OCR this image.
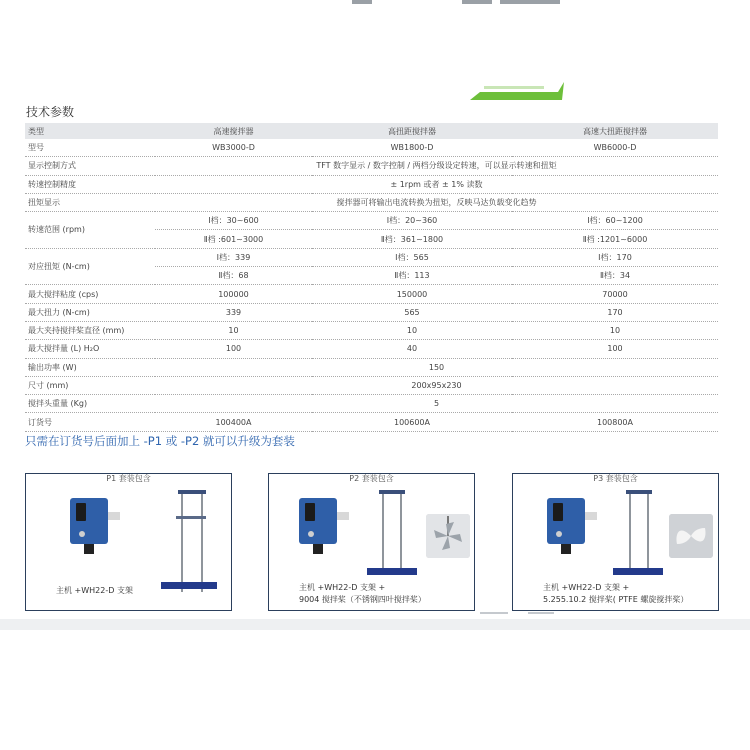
技术参数
类型	高速搅拌器	高扭距搅拌器	高速大扭距搅拌器
型号	WB3000-D	WB1800-D	WB6000-D
显示控制方式	TFT 数字显示 / 数字控制 / 两档分级设定转速，可以显示转速和扭矩		
转速控制精度	± 1rpm 或者 ± 1% 读数		
扭矩显示	搅拌器可将输出电流转换为扭矩，反映马达负载变化趋势		
转速范围 (rpm)	Ⅰ档：30~600	Ⅰ档：20~360	Ⅰ档：60~1200
	Ⅱ档 :601~3000	Ⅱ档：361~1800	Ⅱ档 :1201~6000
对应扭矩 (N-cm)	Ⅰ档：339	Ⅰ档：565	Ⅰ档：170
	Ⅱ档：68	Ⅱ档：113	Ⅱ档：34
最大搅拌粘度 (cps)	100000	150000	70000
最大扭力 (N-cm)	339	565	170
最大夹持搅拌桨直径 (mm)	10	10	10
最大搅拌量 (L) H₂O	100	40	100
输出功率 (W)	150		
尺寸 (mm)	200x95x230		
搅拌头重量 (Kg)	5		
订货号	100400A	100600A	100800A
只需在订货号后面加上 -P1 或 -P2 就可以升级为套装
P1 套装包含
主机 +WH22-D 支架
P2 套装包含
主机 +WH22-D 支架 +
9004 搅拌桨（不锈钢四叶搅拌桨）
P3 套装包含
主机 +WH22-D 支架 +
5.255.10.2 搅拌桨( PTFE 螺旋搅拌桨）
